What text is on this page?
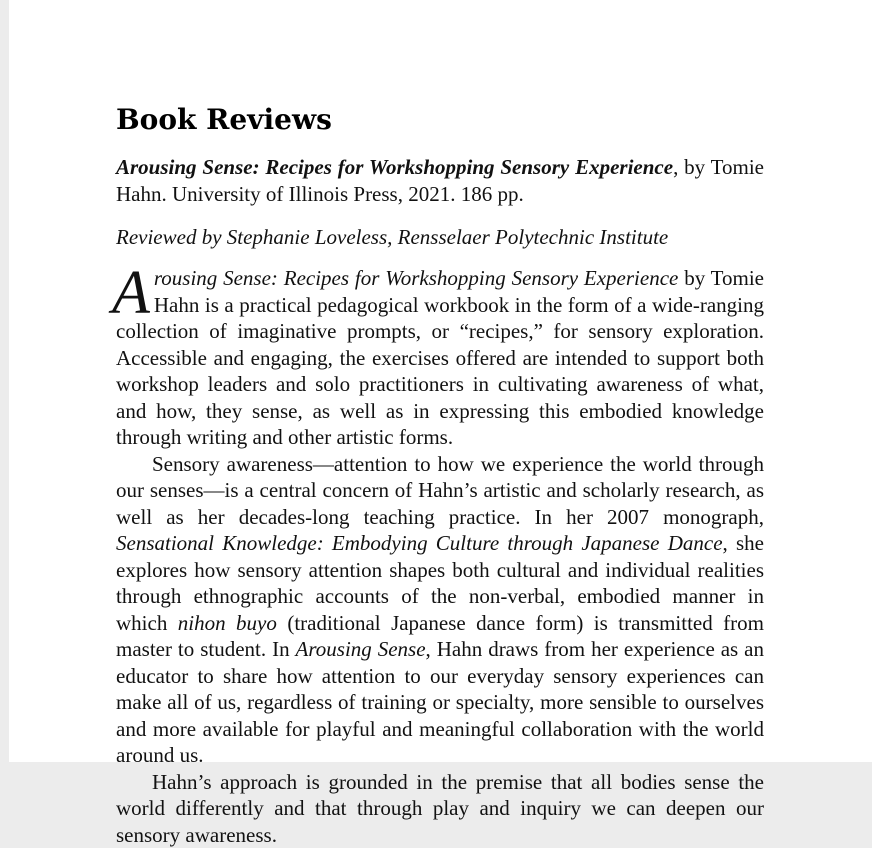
Book Reviews

Arousing Sense: Recipes for Workshopping Sensory Experience, by Tomie Hahn. University of Illinois Press, 2021. 186 pp.

Reviewed by Stephanie Loveless, Rensselaer Polytechnic Institute

Arousing Sense: Recipes for Workshopping Sensory Experience by Tomie Hahn is a practical pedagogical workbook in the form of a wide-ranging collection of imaginative prompts, or “recipes,” for sensory exploration. Accessible and engaging, the exercises offered are intended to support both workshop leaders and solo practitioners in cultivating awareness of what, and how, they sense, as well as in expressing this embodied knowledge through writing and other artistic forms.

Sensory awareness—attention to how we experience the world through our senses—is a central concern of Hahn’s artistic and scholarly research, as well as her decades-long teaching practice. In her 2007 monograph, Sensational Knowledge: Embodying Culture through Japanese Dance, she explores how sensory attention shapes both cultural and individual realities through ethnographic accounts of the non-verbal, embodied manner in which nihon buyo (traditional Japanese dance form) is transmitted from master to student. In Arousing Sense, Hahn draws from her experience as an educator to share how attention to our everyday sensory experiences can make all of us, regardless of training or specialty, more sensible to ourselves and more available for playful and meaningful collaboration with the world around us.

Hahn’s approach is grounded in the premise that all bodies sense the world differently and that through play and inquiry we can deepen our sensory awareness.
